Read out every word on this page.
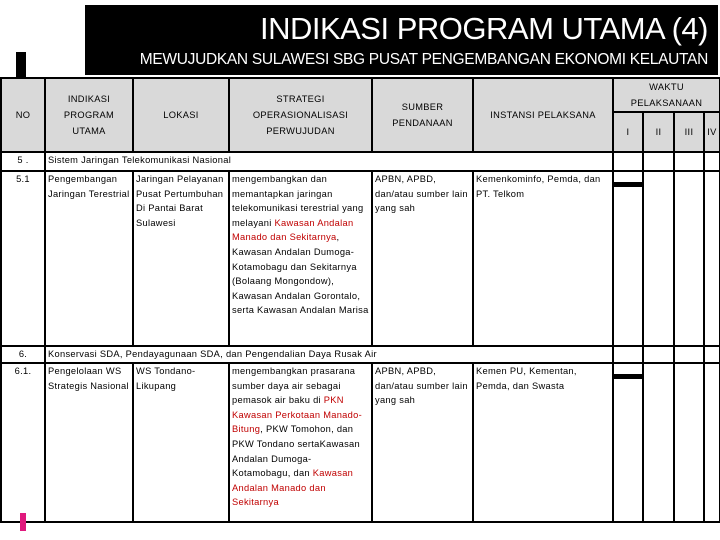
INDIKASI PROGRAM UTAMA (4)
MEWUJUDKAN SULAWESI SBG PUSAT PENGEMBANGAN EKONOMI KELAUTAN
NO	INDIKASI PROGRAM UTAMA	LOKASI	STRATEGI OPERASIONALISASI PERWUJUDAN	SUMBER PENDANAAN	INSTANSI PELAKSANA	WAKTU PELAKSANAAN			
						I	II	III	IV
5 .	Sistem Jaringan Telekomunikasi Nasional								
5.1	Pengembangan Jaringan Terestrial	Jaringan Pelayanan Pusat Pertumbuhan Di Pantai Barat Sulawesi	mengembangkan dan memantapkan jaringan telekomunikasi terestrial yang melayani Kawasan Andalan Manado dan Sekitarnya, Kawasan Andalan Dumoga-Kotamobagu dan Sekitarnya (Bolaang Mongondow), Kawasan Andalan Gorontalo, serta Kawasan Andalan Marisa	APBN, APBD, dan/atau sumber lain yang sah	Kemenkominfo, Pemda, dan PT. Telkom	

6.	Konservasi SDA, Pendayagunaan SDA, dan Pengendalian Daya Rusak Air								
6.1.	Pengelolaan WS Strategis Nasional	WS Tondano-Likupang	mengembangkan prasarana sumber daya air sebagai pemasok air baku di PKN Kawasan Perkotaan Manado-Bitung, PKW Tomohon, dan PKW Tondano sertaKawasan Andalan Dumoga-Kotamobagu, dan Kawasan Andalan Manado dan Sekitarnya	APBN, APBD, dan/atau sumber lain yang sah	Kemen PU, Kementan, Pemda, dan Swasta	
